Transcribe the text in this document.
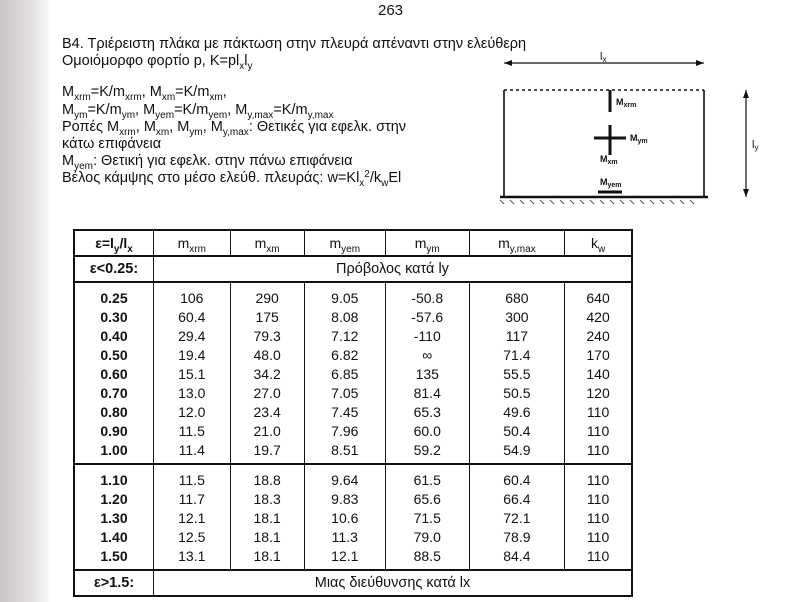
263
Β4. Τριέρειστη πλάκα με πάκτωση στην πλευρά απέναντι στην ελεύθερη
Ομοιόμορφο φορτίο p, $K=pl_xl_y$
$M_{xrm}=K/m_{xrm}$, $M_{xm}=K/m_{xm}$,
$M_{ym}=K/m_{ym}$, $M_{yem}=K/m_{yem}$, $M_{y,max}=K/m_{y,max}$
Ροπές $M_{xrm}$, $M_{xm}$, $M_{ym}$, $M_{y,max}$: Θετικές για εφελκ. στην
κάτω επιφάνεια
$M_{yem}$: Θετική για εφελκ. στην πάνω επιφάνεια
Βέλος κάμψης στο μέσο ελεύθ. πλευράς: $w=Kl_x^2/k_wEl$
lx
ly
$M_{xrm}$
$M_{ym}$
$M_{xm}$
$M_{yem}$
$\varepsilon=l_y/l_x$	$m_{xrm}$	$m_{xm}$	$m_{yem}$	$m_{ym}$	$m_{y,max}$	$k_w$
ε<0.25:	Πρόβολος κατά ly					
0.25	106	290	9.05	-50.8	680	640
0.30	60.4	175	8.08	-57.6	300	420
0.40	29.4	79.3	7.12	-110	117	240
0.50	19.4	48.0	6.82	∞	71.4	170
0.60	15.1	34.2	6.85	135	55.5	140
0.70	13.0	27.0	7.05	81.4	50.5	120
0.80	12.0	23.4	7.45	65.3	49.6	110
0.90	11.5	21.0	7.96	60.0	50.4	110
1.00	11.4	19.7	8.51	59.2	54.9	110
1.10	11.5	18.8	9.64	61.5	60.4	110
1.20	11.7	18.3	9.83	65.6	66.4	110
1.30	12.1	18.1	10.6	71.5	72.1	110
1.40	12.5	18.1	11.3	79.0	78.9	110
1.50	13.1	18.1	12.1	88.5	84.4	110
ε>1.5:	Μιας διεύθυνσης κατά lx					
